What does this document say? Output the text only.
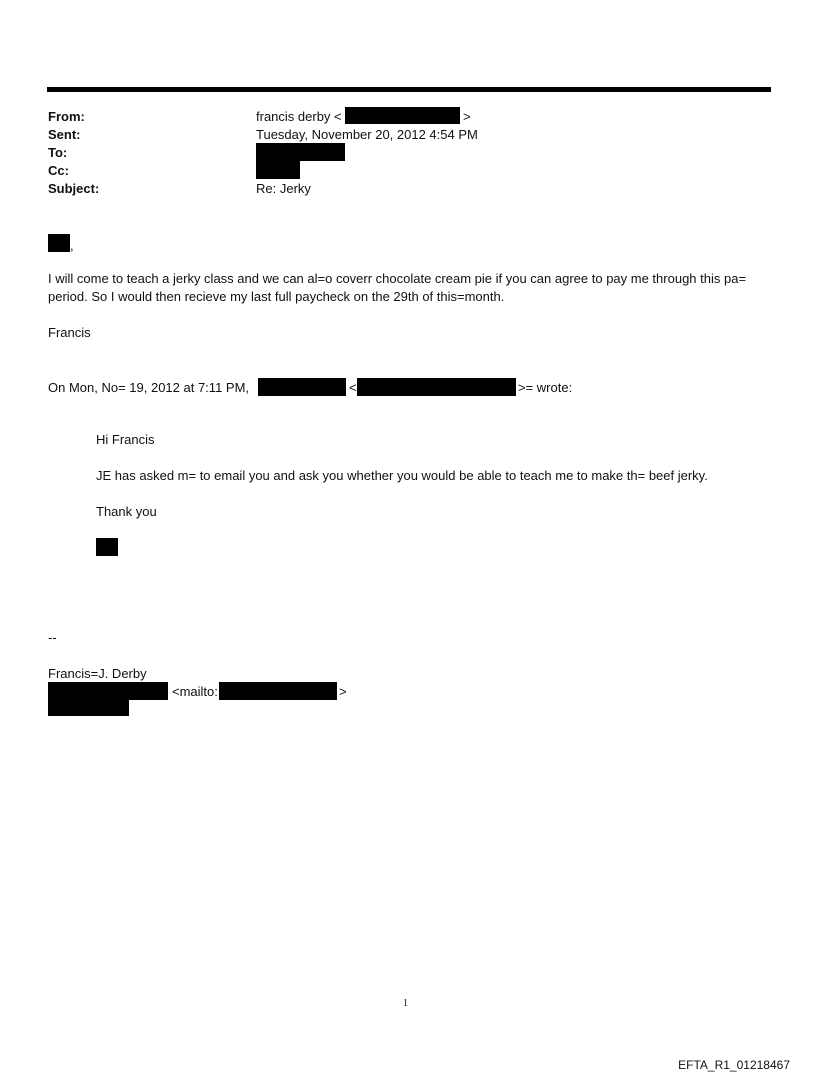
From:	francis derby <	>
Sent:	Tuesday, November 20, 2012 4:54 PM
To:
Cc:
Subject:	Re: Jerky
,
I will come to teach a jerky class and we can al=o coverr chocolate cream pie if you can agree to pay me through this pa= period. So I would then recieve my last full paycheck on the 29th of this=month.
Francis
On Mon, No= 19, 2012 at 7:11 PM,	<	>= wrote:
Hi Francis
JE has asked m= to email you and ask you whether you would be able to teach me to make th= beef jerky.
Thank you
--
Francis=J. Derby
<mailto:	>
1
EFTA_R1_01218467
